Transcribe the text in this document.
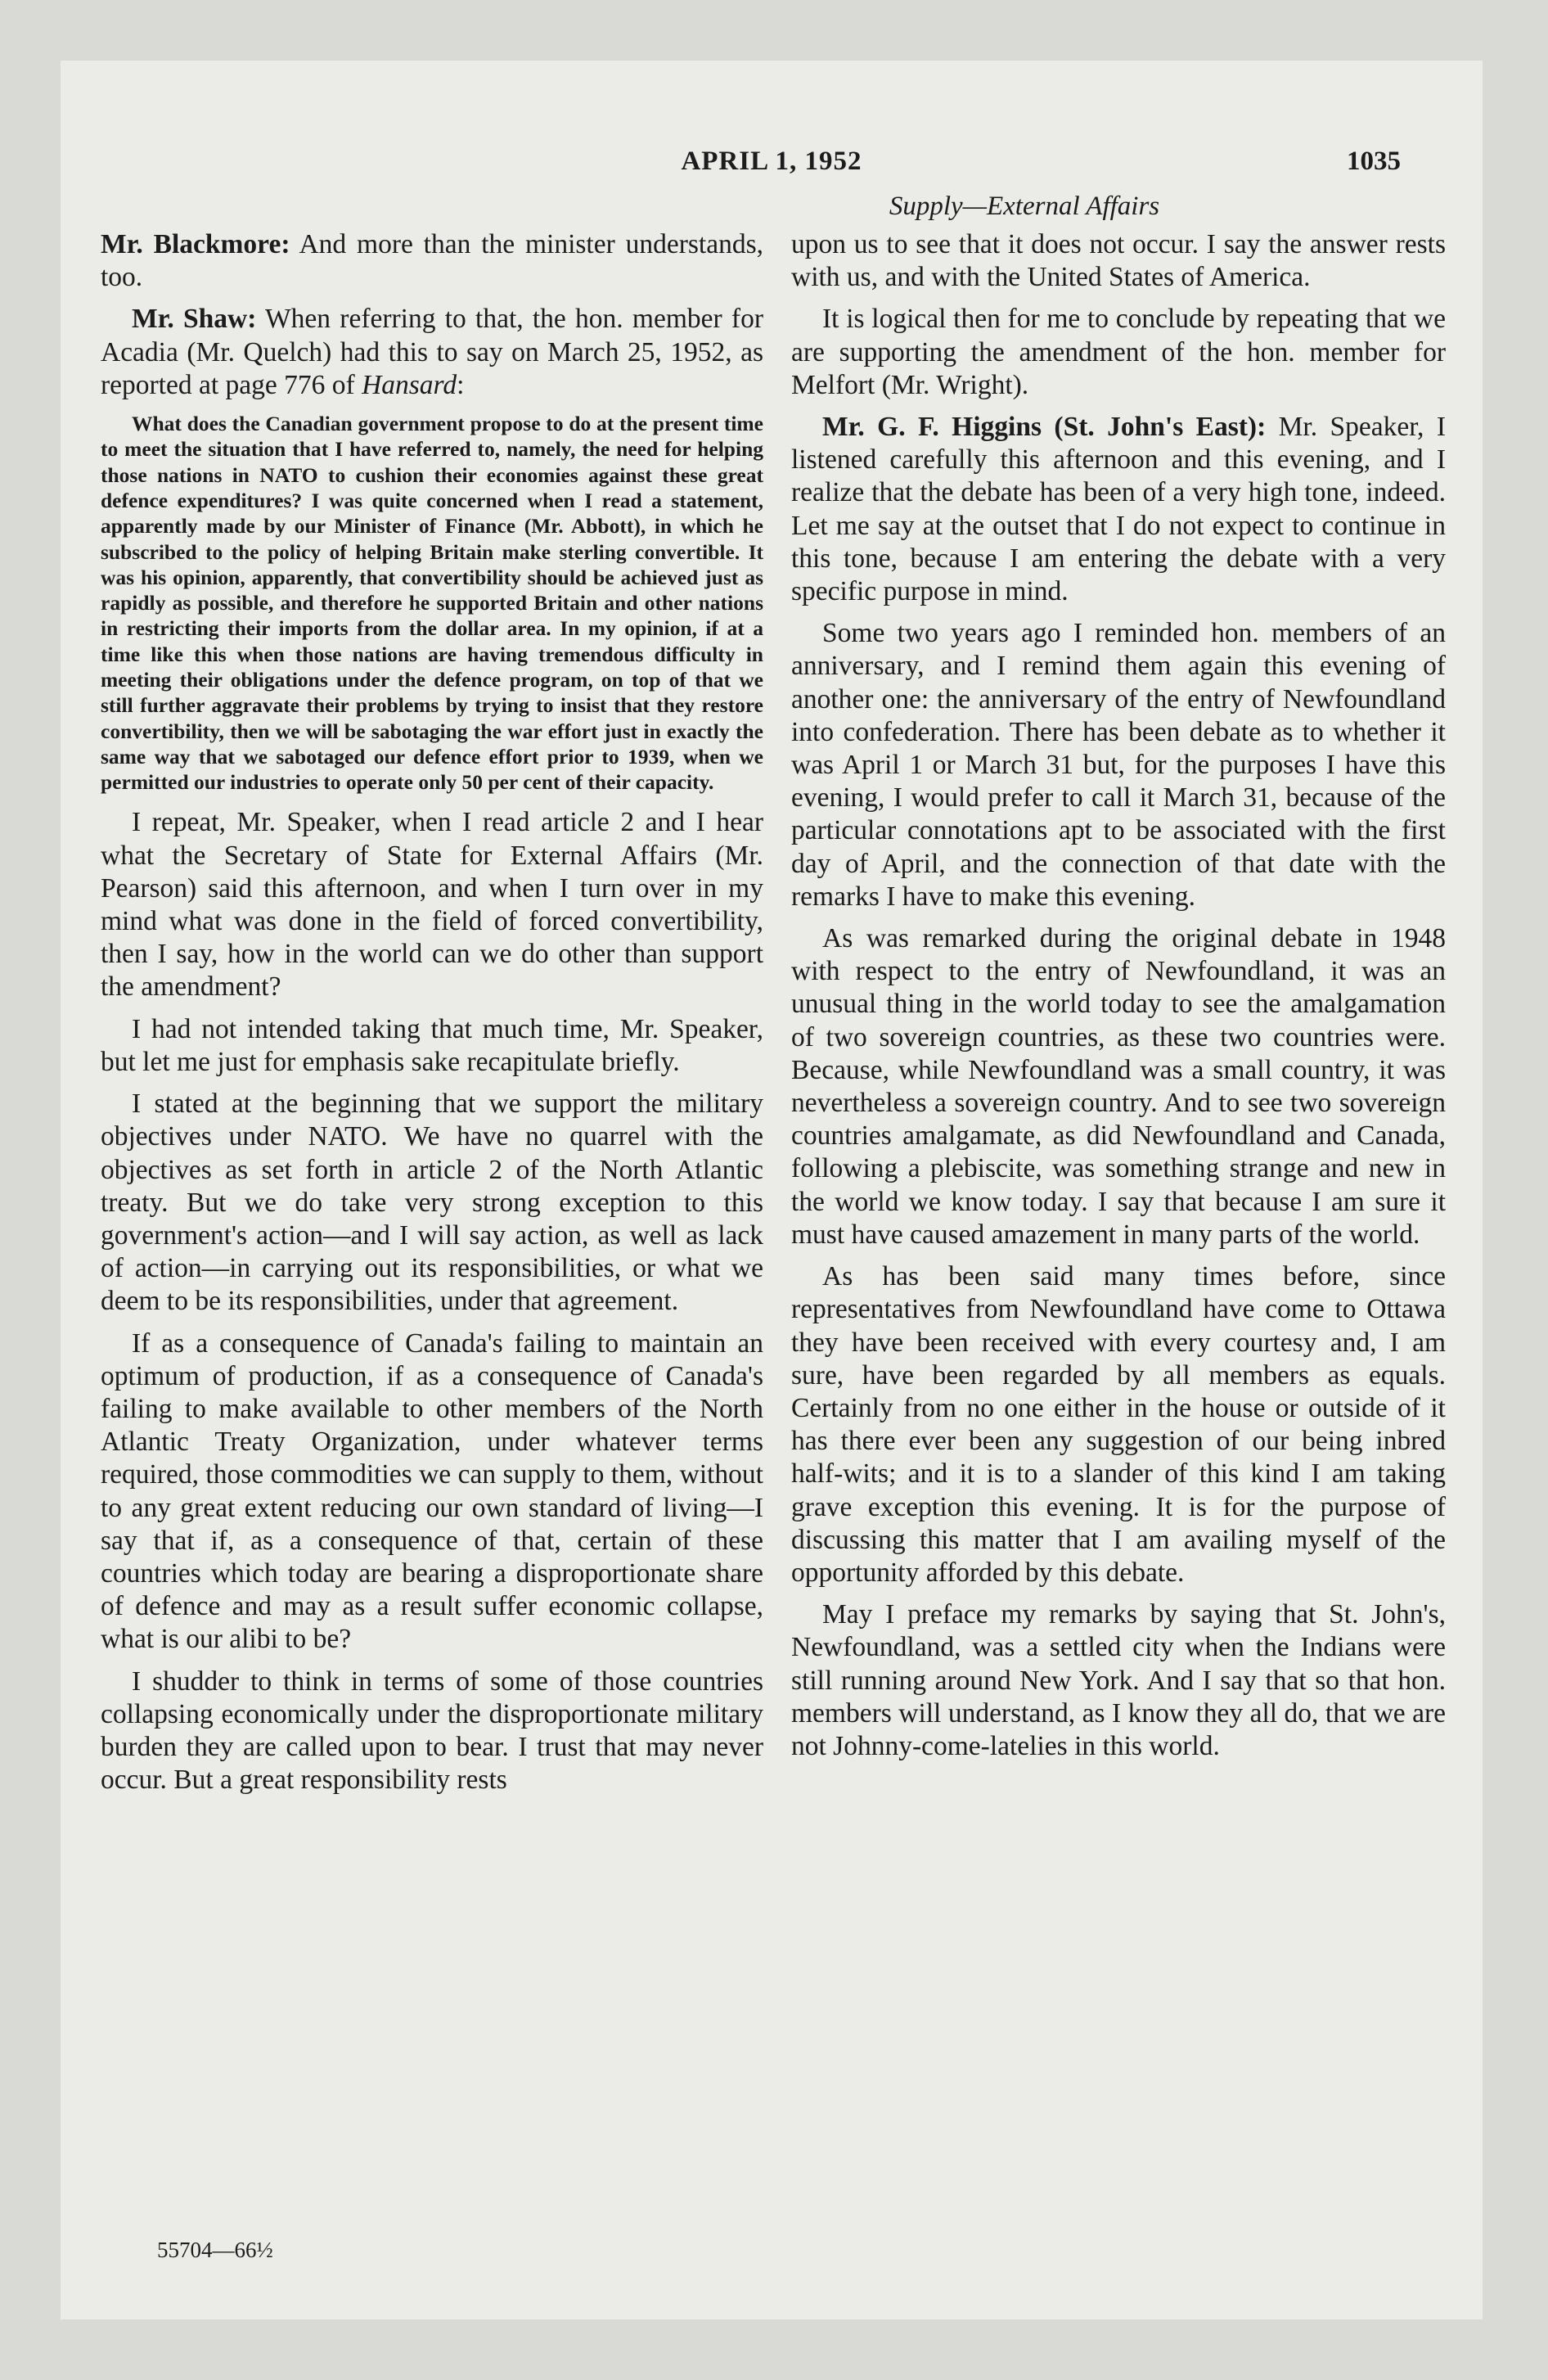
APRIL 1, 1952	1035
Supply—External Affairs

Mr. Blackmore: And more than the minister understands, too.

Mr. Shaw: When referring to that, the hon. member for Acadia (Mr. Quelch) had this to say on March 25, 1952, as reported at page 776 of Hansard:

What does the Canadian government propose to do at the present time to meet the situation that I have referred to, namely, the need for helping those nations in NATO to cushion their economies against these great defence expenditures? I was quite concerned when I read a statement, apparently made by our Minister of Finance (Mr. Abbott), in which he subscribed to the policy of helping Britain make sterling convertible. It was his opinion, apparently, that convertibility should be achieved just as rapidly as possible, and therefore he supported Britain and other nations in restricting their imports from the dollar area. In my opinion, if at a time like this when those nations are having tremendous difficulty in meeting their obligations under the defence program, on top of that we still further aggravate their problems by trying to insist that they restore convertibility, then we will be sabotaging the war effort just in exactly the same way that we sabotaged our defence effort prior to 1939, when we permitted our industries to operate only 50 per cent of their capacity.

I repeat, Mr. Speaker, when I read article 2 and I hear what the Secretary of State for External Affairs (Mr. Pearson) said this afternoon, and when I turn over in my mind what was done in the field of forced convertibility, then I say, how in the world can we do other than support the amendment?

I had not intended taking that much time, Mr. Speaker, but let me just for emphasis sake recapitulate briefly.

I stated at the beginning that we support the military objectives under NATO. We have no quarrel with the objectives as set forth in article 2 of the North Atlantic treaty. But we do take very strong exception to this government's action—and I will say action, as well as lack of action—in carrying out its responsibilities, or what we deem to be its responsibilities, under that agreement.

If as a consequence of Canada's failing to maintain an optimum of production, if as a consequence of Canada's failing to make available to other members of the North Atlantic Treaty Organization, under whatever terms required, those commodities we can supply to them, without to any great extent reducing our own standard of living—I say that if, as a consequence of that, certain of these countries which today are bearing a disproportionate share of defence and may as a result suffer economic collapse, what is our alibi to be?

I shudder to think in terms of some of those countries collapsing economically under the disproportionate military burden they are called upon to bear. I trust that may never occur. But a great responsibility rests

upon us to see that it does not occur. I say the answer rests with us, and with the United States of America.

It is logical then for me to conclude by repeating that we are supporting the amendment of the hon. member for Melfort (Mr. Wright).

Mr. G. F. Higgins (St. John's East): Mr. Speaker, I listened carefully this afternoon and this evening, and I realize that the debate has been of a very high tone, indeed. Let me say at the outset that I do not expect to continue in this tone, because I am entering the debate with a very specific purpose in mind.

Some two years ago I reminded hon. members of an anniversary, and I remind them again this evening of another one: the anniversary of the entry of Newfoundland into confederation. There has been debate as to whether it was April 1 or March 31 but, for the purposes I have this evening, I would prefer to call it March 31, because of the particular connotations apt to be associated with the first day of April, and the connection of that date with the remarks I have to make this evening.

As was remarked during the original debate in 1948 with respect to the entry of Newfoundland, it was an unusual thing in the world today to see the amalgamation of two sovereign countries, as these two countries were. Because, while Newfoundland was a small country, it was nevertheless a sovereign country. And to see two sovereign countries amalgamate, as did Newfoundland and Canada, following a plebiscite, was something strange and new in the world we know today. I say that because I am sure it must have caused amazement in many parts of the world.

As has been said many times before, since representatives from Newfoundland have come to Ottawa they have been received with every courtesy and, I am sure, have been regarded by all members as equals. Certainly from no one either in the house or outside of it has there ever been any suggestion of our being inbred half-wits; and it is to a slander of this kind I am taking grave exception this evening. It is for the purpose of discussing this matter that I am availing myself of the opportunity afforded by this debate.

May I preface my remarks by saying that St. John's, Newfoundland, was a settled city when the Indians were still running around New York. And I say that so that hon. members will understand, as I know they all do, that we are not Johnny-come-latelies in this world.

55704—66½
